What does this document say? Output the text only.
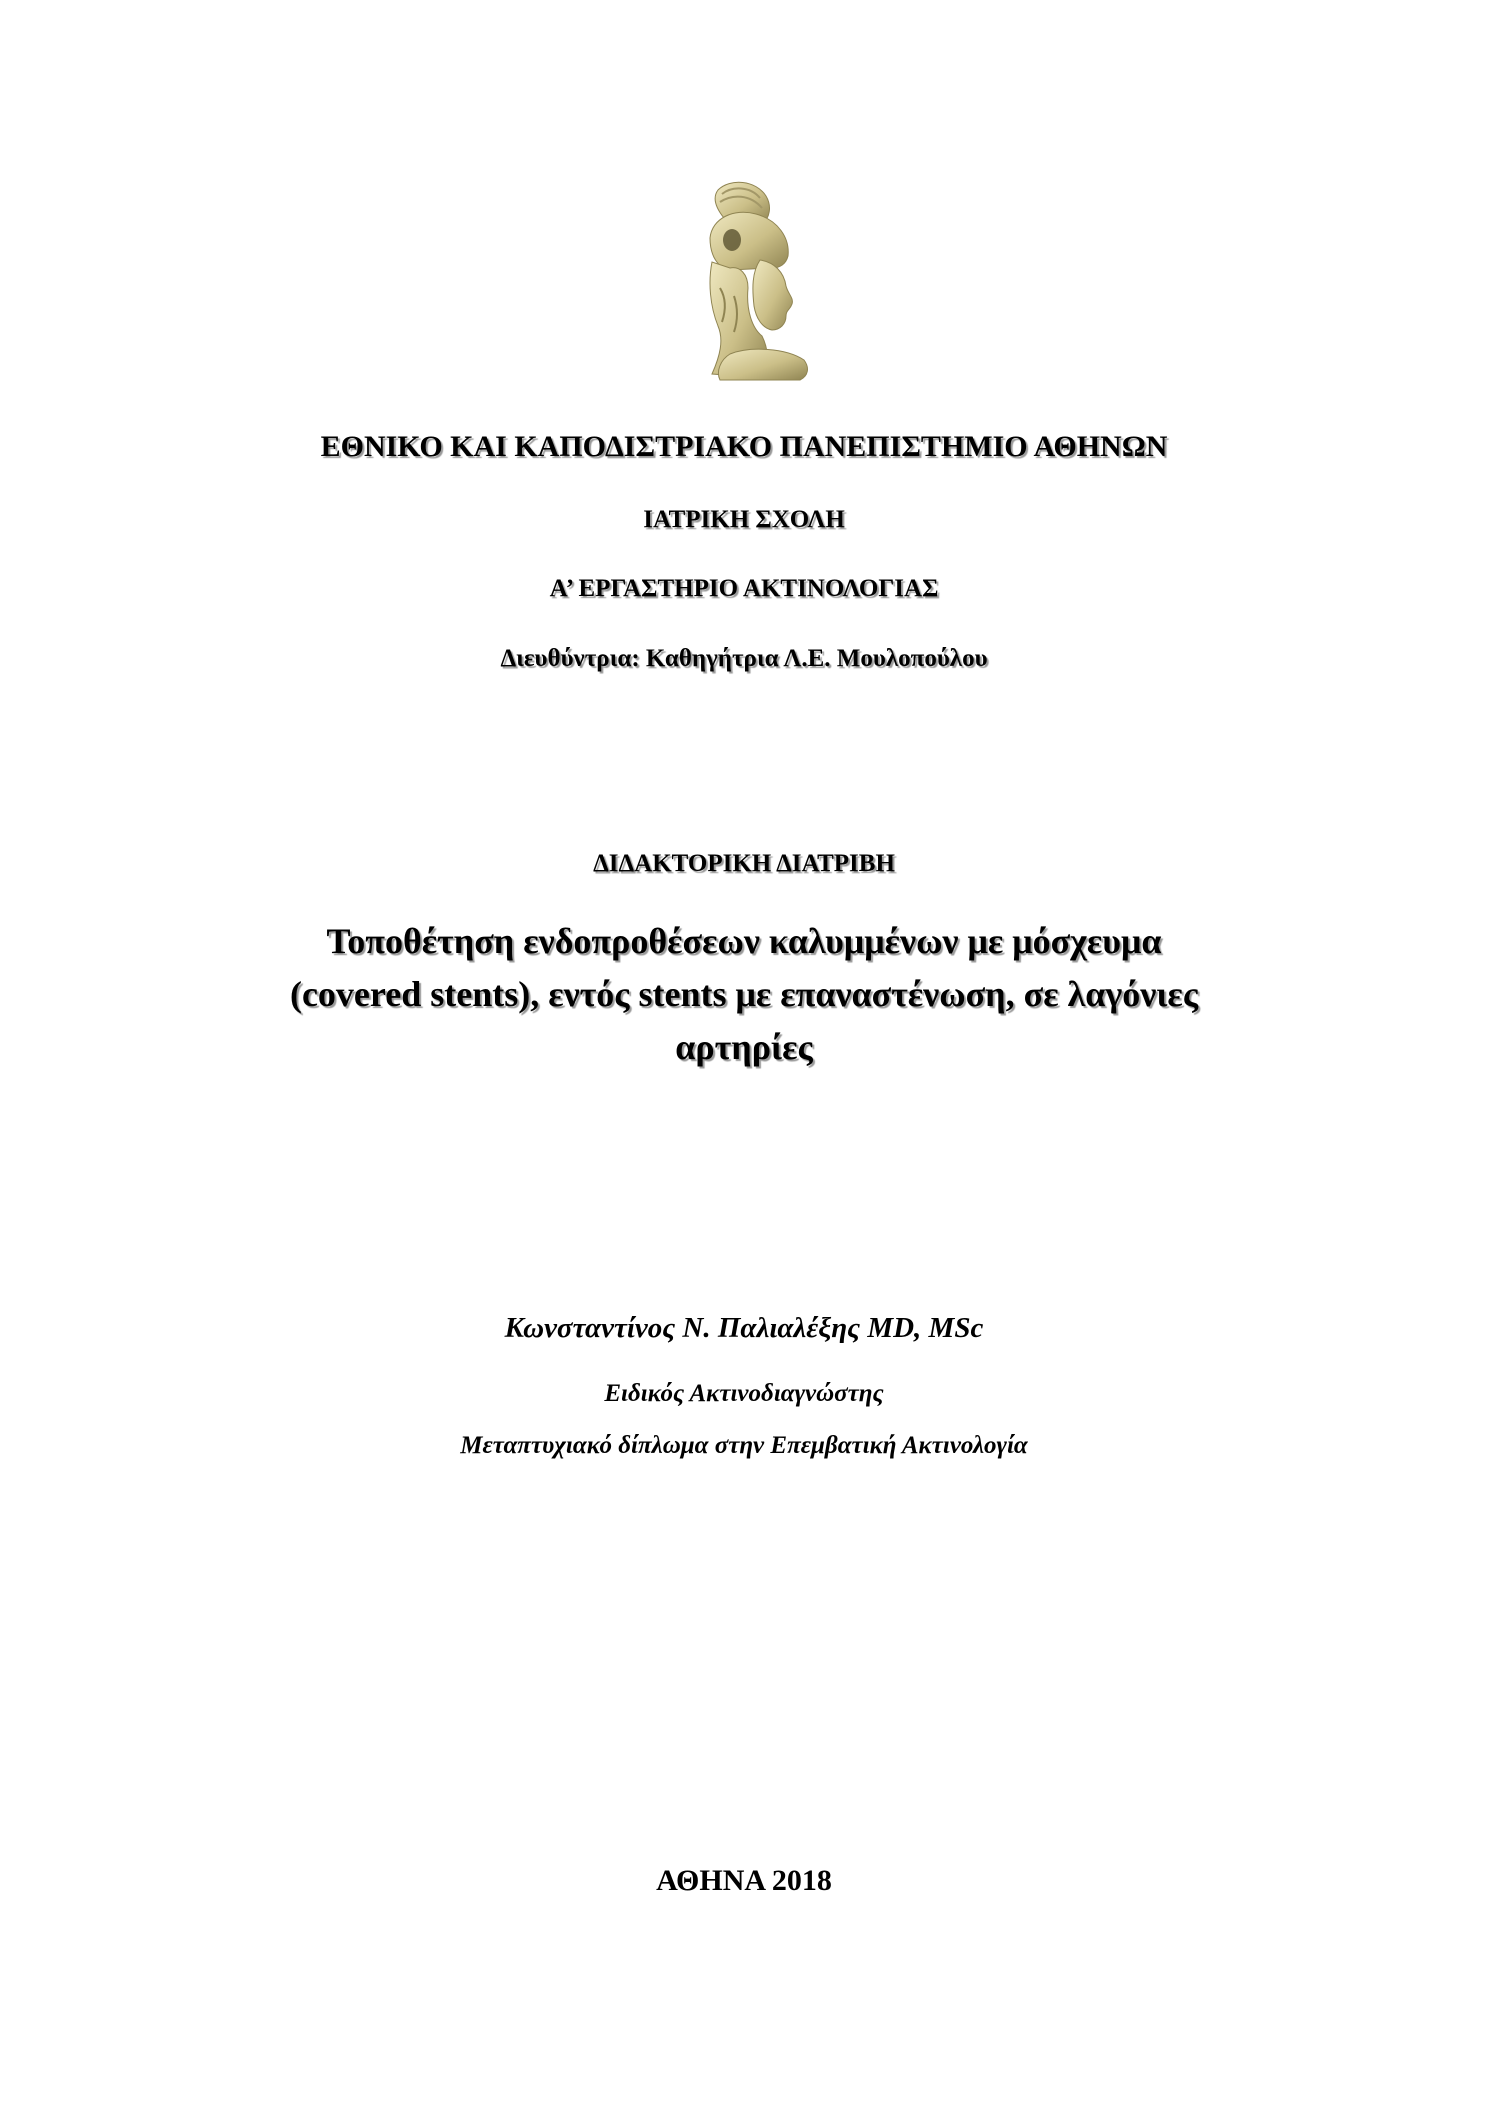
ΕΘΝΙΚΟ ΚΑΙ ΚΑΠΟΔΙΣΤΡΙΑΚΟ ΠΑΝΕΠΙΣΤΗΜΙΟ ΑΘΗΝΩΝ
ΙΑΤΡΙΚΗ ΣΧΟΛΗ
Α’ ΕΡΓΑΣΤΗΡΙΟ ΑΚΤΙΝΟΛΟΓΙΑΣ
Διευθύντρια: Καθηγήτρια Λ.Ε. Μουλοπούλου
ΔΙΔΑΚΤΟΡΙΚΗ ΔΙΑΤΡΙΒΗ
Τοποθέτηση ενδοπροθέσεων καλυμμένων με μόσχευμα
(covered stents), εντός stents με επαναστένωση, σε λαγόνιες
αρτηρίες
Κωνσταντίνος Ν. Παλιαλέξης MD, MSc
Ειδικός Ακτινοδιαγνώστης
Μεταπτυχιακό δίπλωμα στην Επεμβατική Ακτινολογία
ΑΘΗΝΑ 2018
